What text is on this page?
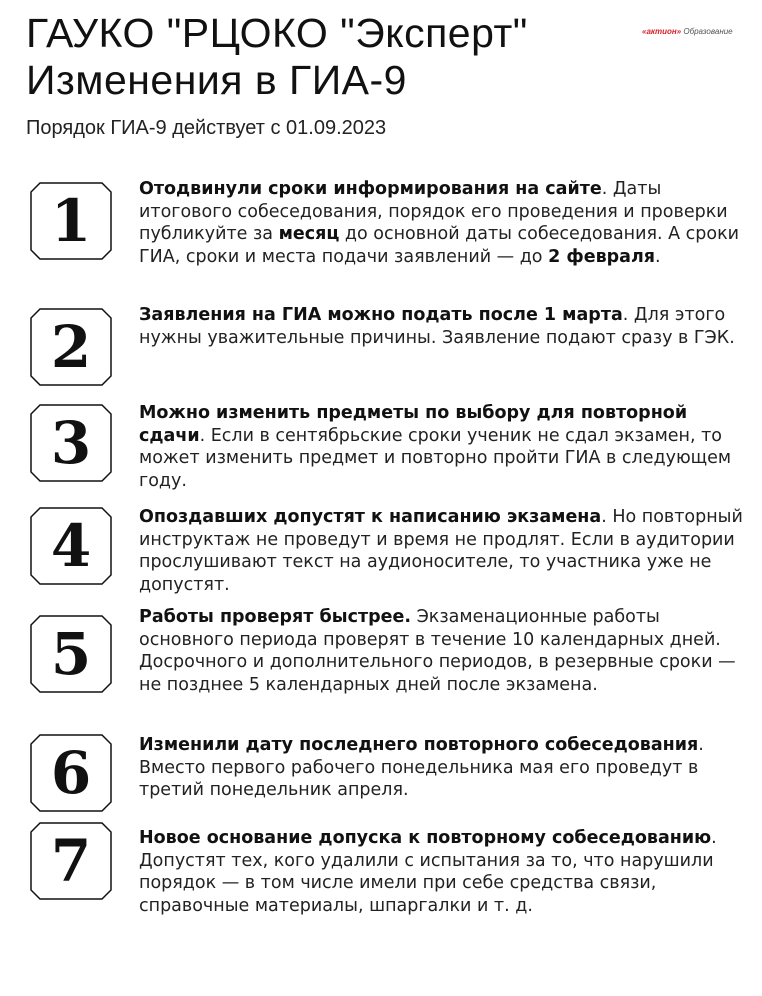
ГАУКО "РЦОКО "Эксперт"
Изменения в ГИА-9
«актион» Образование

Порядок ГИА-9 действует с 01.09.2023

1	Отодвинули сроки информирования на сайте. Даты итогового собеседования, порядок его проведения и проверки публикуйте за месяц до основной даты собеседования. А сроки ГИА, сроки и места подачи заявлений — до 2 февраля.

2	Заявления на ГИА можно подать после 1 марта. Для этого нужны уважительные причины. Заявление подают сразу в ГЭК.

3	Можно изменить предметы по выбору для повторной сдачи. Если в сентябрьские сроки ученик не сдал экзамен, то может изменить предмет и повторно пройти ГИА в следующем году.

4	Опоздавших допустят к написанию экзамена. Но повторный инструктаж не проведут и время не продлят. Если в аудитории прослушивают текст на аудионосителе, то участника уже не допустят.

5

Работы проверят быстрее. Экзаменационные работы основного периода проверят в течение 10 календарных дней. Досрочного и дополнительного периодов, в резервные сроки — не позднее 5 календарных дней после экзамена.

6	Изменили дату последнего повторного собеседования. Вместо первого рабочего понедельника мая его проведут в третий понедельник апреля.

7	Новое основание допуска к повторному собеседованию. Допустят тех, кого удалили с испытания за то, что нарушили порядок — в том числе имели при себе средства связи, справочные материалы, шпаргалки и т. д.
